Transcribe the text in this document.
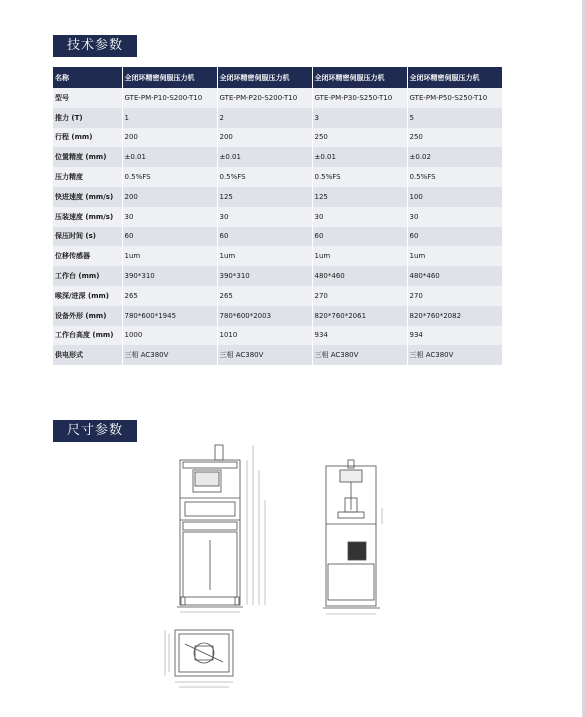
技术参数
名称	全闭环精密伺服压力机	全闭环精密伺服压力机	全闭环精密伺服压力机	全闭环精密伺服压力机
型号	GTE-PM-P10-S200-T10	GTE-PM-P20-S200-T10	GTE-PM-P30-S250-T10	GTE-PM-P50-S250-T10
推力 (T)	1	2	3	5
行程 (mm)	200	200	250	250
位置精度 (mm)	±0.01	±0.01	±0.01	±0.02
压力精度	0.5%FS	0.5%FS	0.5%FS	0.5%FS
快进速度 (mm/s)	200	125	125	100
压装速度 (mm/s)	30	30	30	30
保压时间 (s)	60	60	60	60
位移传感器	1um	1um	1um	1um
工作台 (mm)	390*310	390*310	480*460	480*460
喉深/进深 (mm)	265	265	270	270
设备外形 (mm)	780*600*1945	780*600*2003	820*760*2061	820*760*2082
工作台高度 (mm)	1000	1010	934	934
供电形式	三相 AC380V	三相 AC380V	三相 AC380V	三相 AC380V
尺寸参数
